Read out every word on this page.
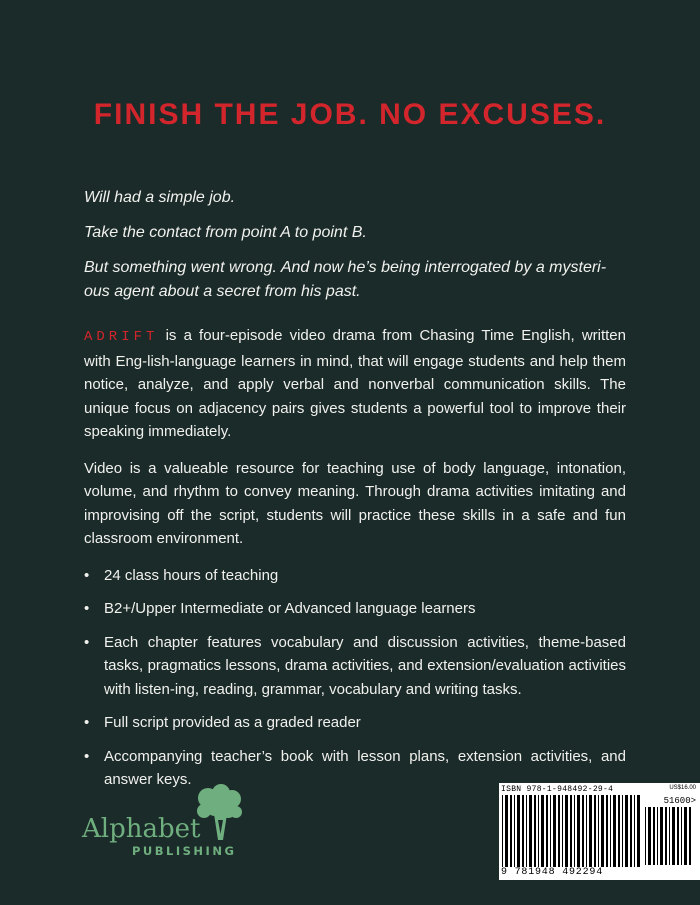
FINISH THE JOB. NO EXCUSES.

Will had a simple job.

Take the contact from point A to point B.

But something went wrong. And now he’s being interrogated by a mysteri-ous agent about a secret from his past.

ADRIFT is a four-episode video drama from Chasing Time English, written with Eng-lish-language learners in mind, that will engage students and help them notice, analyze, and apply verbal and nonverbal communication skills. The unique focus on adjacency pairs gives students a powerful tool to improve their speaking immediately.

Video is a valueable resource for teaching use of body language, intonation, volume, and rhythm to convey meaning. Through drama activities imitating and improvising off the script, students will practice these skills in a safe and fun classroom environment.

• 24 class hours of teaching
• B2+/Upper Intermediate or Advanced language learners
• Each chapter features vocabulary and discussion activities, theme-based tasks, pragmatics lessons, drama activities, and extension/evaluation activities with listen-ing, reading, grammar, vocabulary and writing tasks.
• Full script provided as a graded reader
• Accompanying teacher’s book with lesson plans, extension activities, and answer keys.
Alphabet
PUBLISHING
ISBN 978-1-948492-29-4	US$16.00
51600>
9 781948 492294
